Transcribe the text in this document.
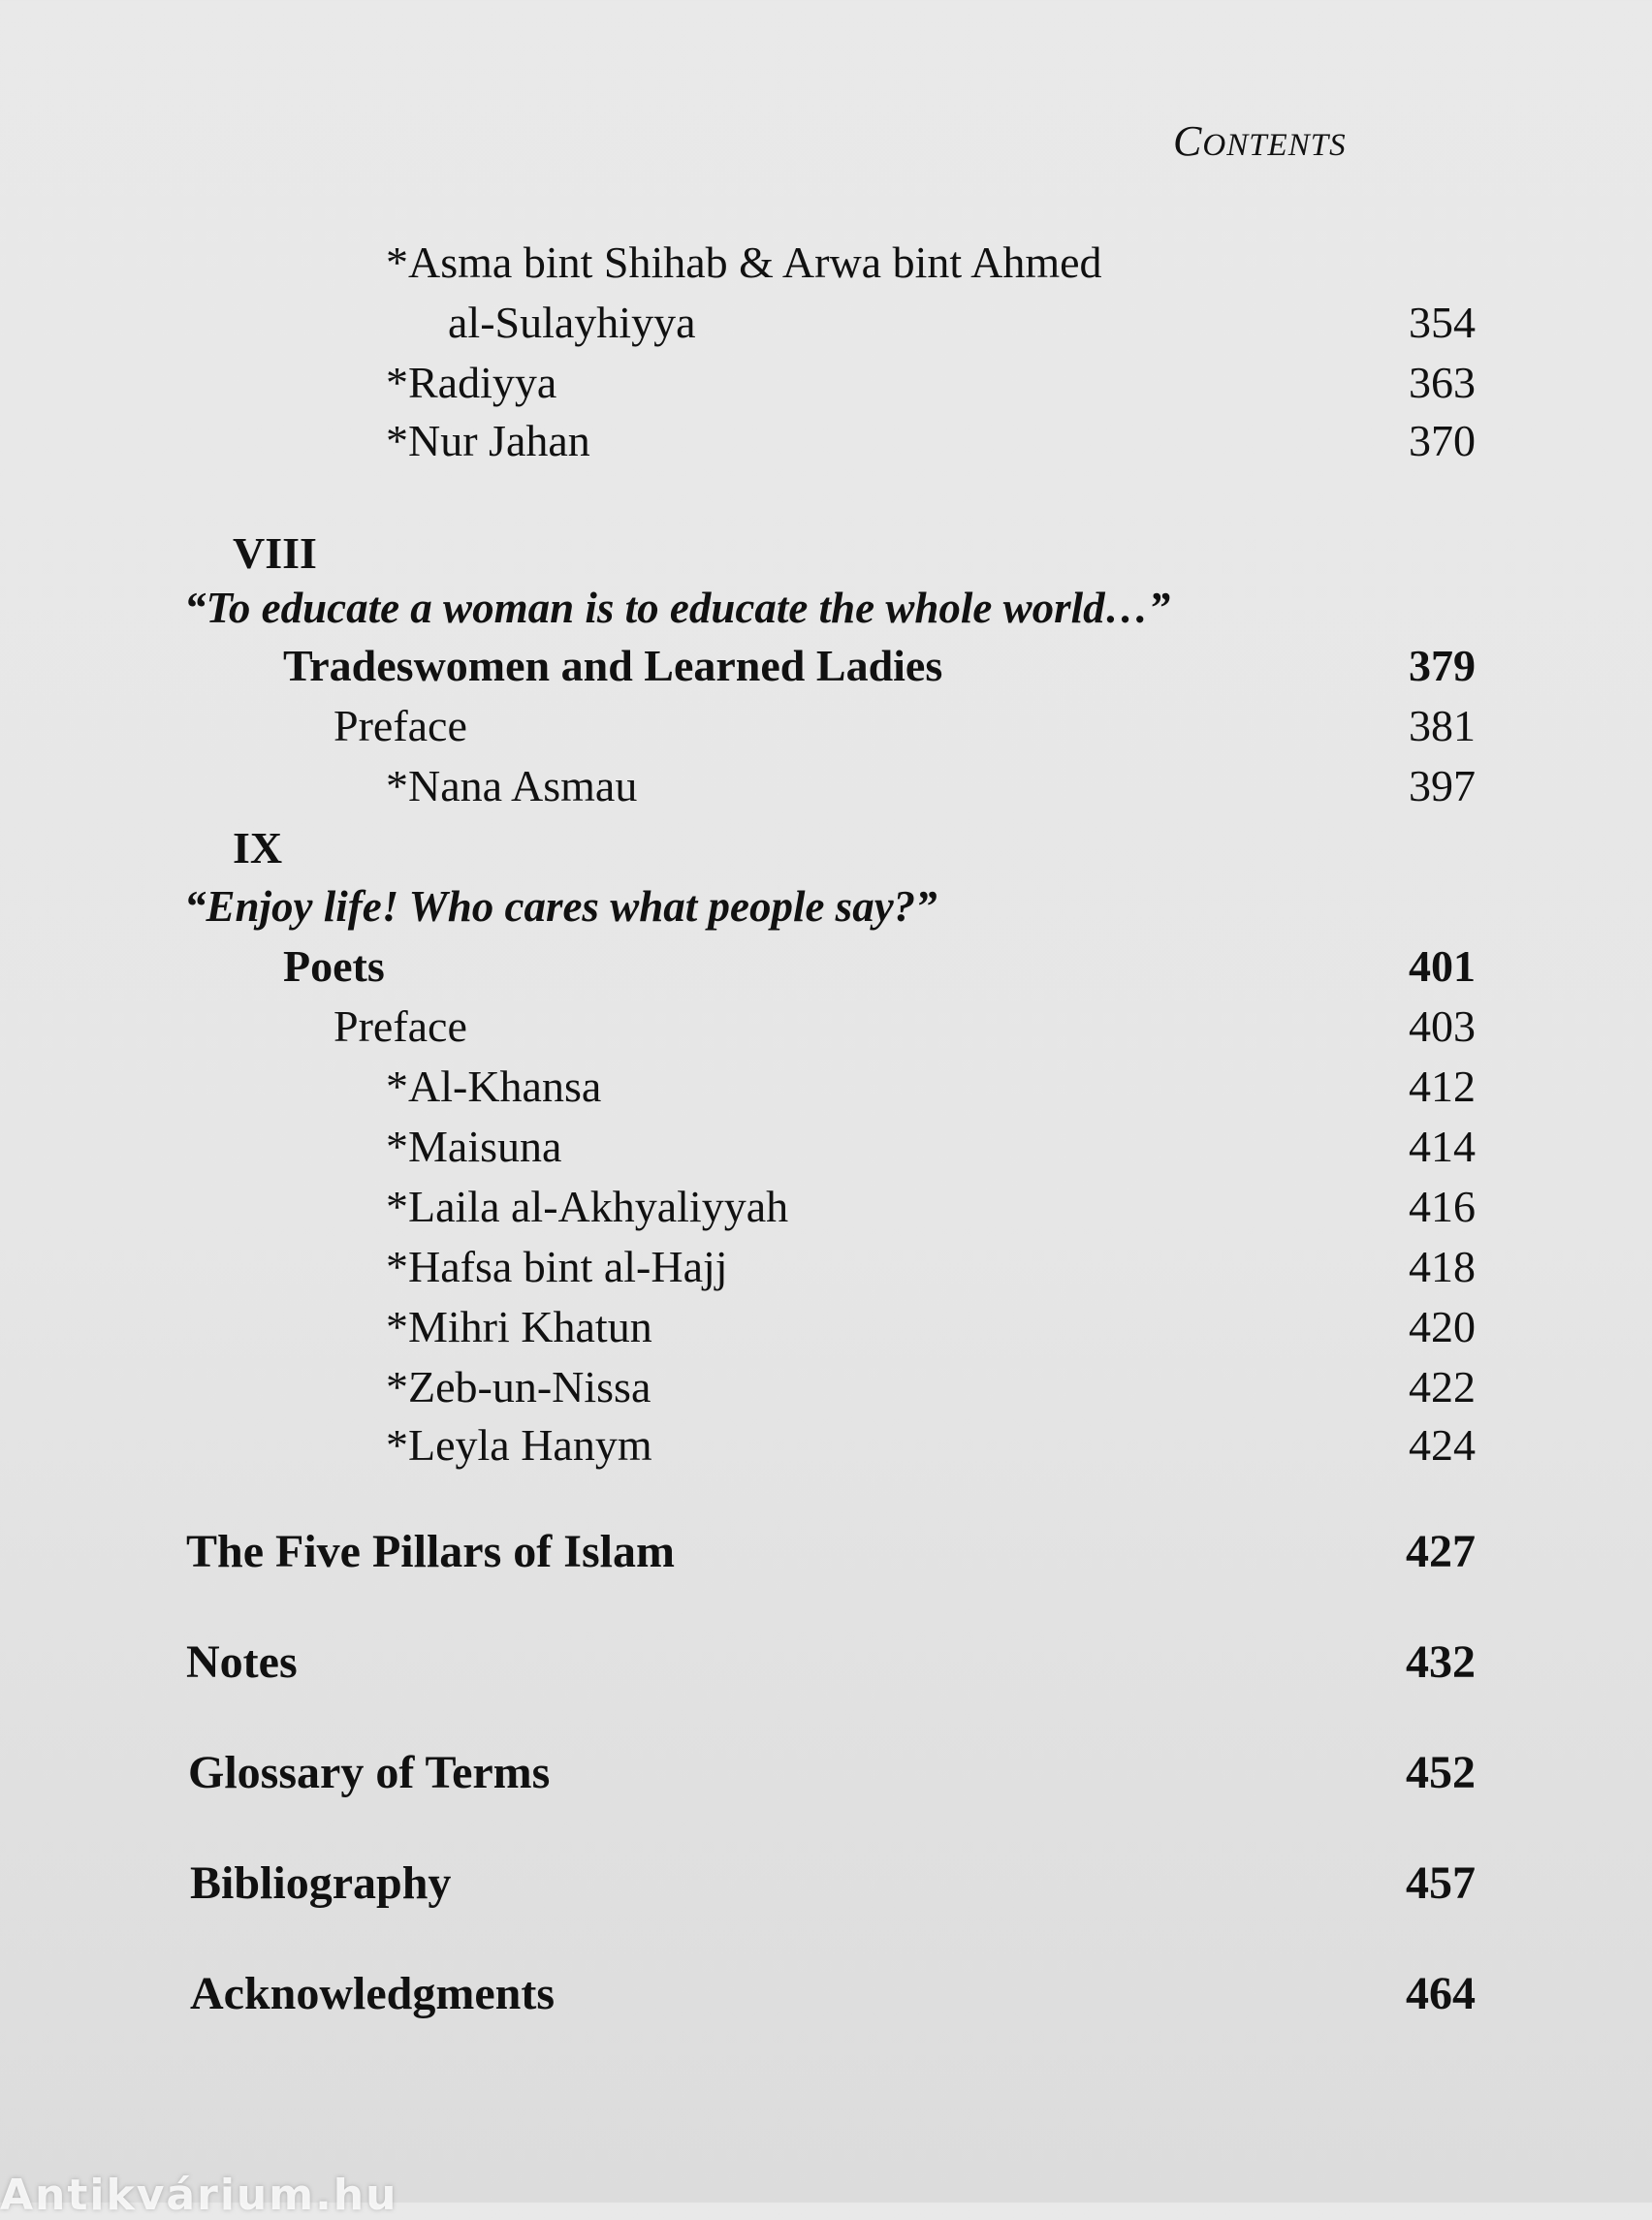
CONTENTS
*Asma bint Shihab & Arwa bint Ahmed
al-Sulayhiyya	354
*Radiyya	363
*Nur Jahan	370
VIII
“To educate a woman is to educate the whole world…”
Tradeswomen and Learned Ladies	379
Preface	381
*Nana Asmau	397
IX
“Enjoy life! Who cares what people say?”
Poets	401
Preface	403
*Al-Khansa	412
*Maisuna	414
*Laila al-Akhyaliyyah	416
*Hafsa bint al-Hajj	418
*Mihri Khatun	420
*Zeb-un-Nissa	422
*Leyla Hanym	424
The Five Pillars of Islam	427
Notes	432
Glossary of Terms	452
Bibliography	457
Acknowledgments	464
Antikvárium.hu
